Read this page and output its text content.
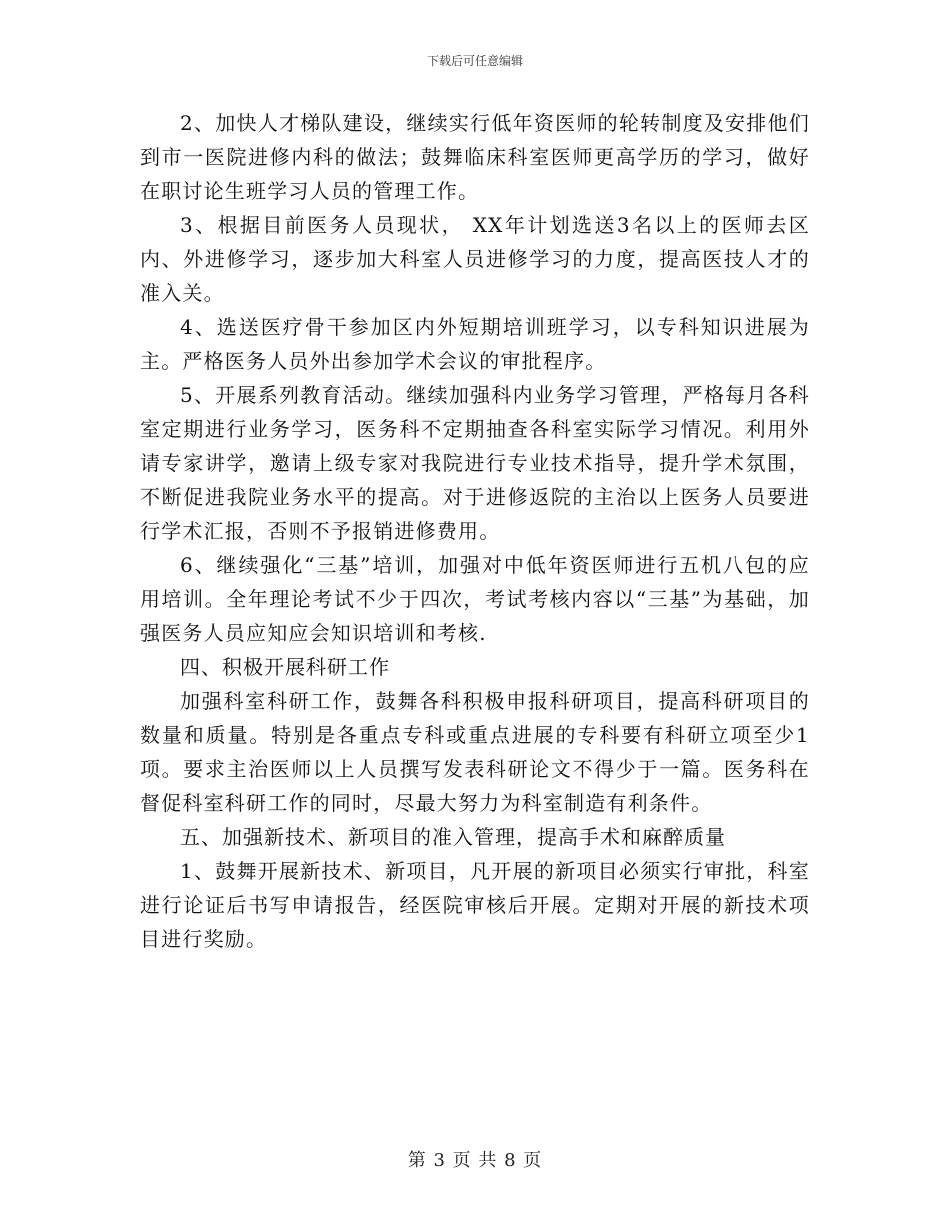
下载后可任意编辑

2、加快人才梯队建设，继续实行低年资医师的轮转制度及安排他们到市一医院进修内科的做法；鼓舞临床科室医师更高学历的学习，做好在职讨论生班学习人员的管理工作。

3、根据目前医务人员现状， XX年计划选送3名以上的医师去区内、外进修学习，逐步加大科室人员进修学习的力度，提高医技人才的准入关。

4、选送医疗骨干参加区内外短期培训班学习，以专科知识进展为主。严格医务人员外出参加学术会议的审批程序。

5、开展系列教育活动。继续加强科内业务学习管理，严格每月各科室定期进行业务学习，医务科不定期抽查各科室实际学习情况。利用外请专家讲学，邀请上级专家对我院进行专业技术指导，提升学术氛围，不断促进我院业务水平的提高。对于进修返院的主治以上医务人员要进行学术汇报，否则不予报销进修费用。

6、继续强化“三基”培训，加强对中低年资医师进行五机八包的应用培训。全年理论考试不少于四次，考试考核内容以“三基”为基础，加强医务人员应知应会知识培训和考核.

四、积极开展科研工作

加强科室科研工作，鼓舞各科积极申报科研项目，提高科研项目的数量和质量。特别是各重点专科或重点进展的专科要有科研立项至少1项。要求主治医师以上人员撰写发表科研论文不得少于一篇。医务科在督促科室科研工作的同时，尽最大努力为科室制造有利条件。

五、加强新技术、新项目的准入管理，提高手术和麻醉质量

1、鼓舞开展新技术、新项目，凡开展的新项目必须实行审批，科室进行论证后书写申请报告，经医院审核后开展。定期对开展的新技术项目进行奖励。

第 3 页 共 8 页
